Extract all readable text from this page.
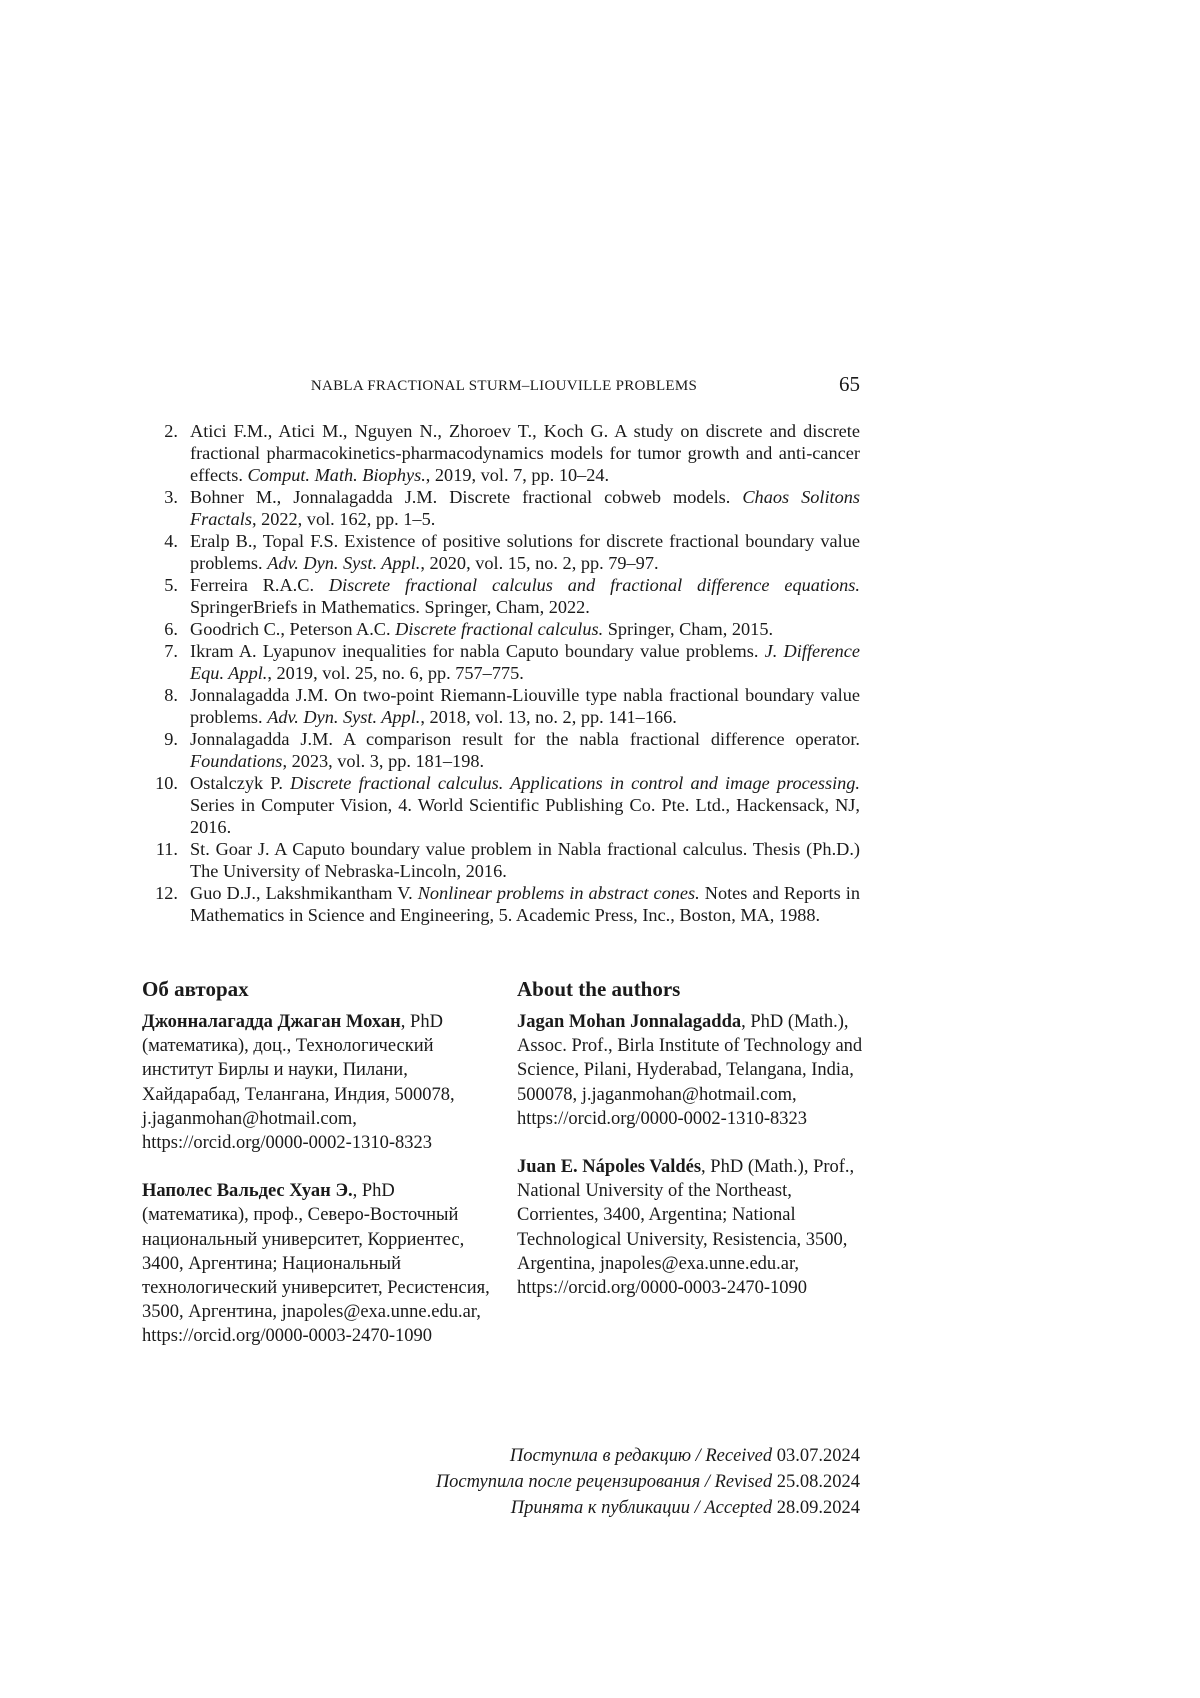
NABLA FRACTIONAL STURM–LIOUVILLE PROBLEMS	65
2. Atici F.M., Atici M., Nguyen N., Zhoroev T., Koch G. A study on discrete and discrete fractional pharmacokinetics-pharmacodynamics models for tumor growth and anti-cancer effects. Comput. Math. Biophys., 2019, vol. 7, pp. 10–24.
3. Bohner M., Jonnalagadda J.M. Discrete fractional cobweb models. Chaos Solitons Fractals, 2022, vol. 162, pp. 1–5.
4. Eralp B., Topal F.S. Existence of positive solutions for discrete fractional boundary value problems. Adv. Dyn. Syst. Appl., 2020, vol. 15, no. 2, pp. 79–97.
5. Ferreira R.A.C. Discrete fractional calculus and fractional difference equations. SpringerBriefs in Mathematics. Springer, Cham, 2022.
6. Goodrich C., Peterson A.C. Discrete fractional calculus. Springer, Cham, 2015.
7. Ikram A. Lyapunov inequalities for nabla Caputo boundary value problems. J. Difference Equ. Appl., 2019, vol. 25, no. 6, pp. 757–775.
8. Jonnalagadda J.M. On two-point Riemann-Liouville type nabla fractional boundary value problems. Adv. Dyn. Syst. Appl., 2018, vol. 13, no. 2, pp. 141–166.
9. Jonnalagadda J.M. A comparison result for the nabla fractional difference operator. Foundations, 2023, vol. 3, pp. 181–198.
10. Ostalczyk P. Discrete fractional calculus. Applications in control and image processing. Series in Computer Vision, 4. World Scientific Publishing Co. Pte. Ltd., Hackensack, NJ, 2016.
11. St. Goar J. A Caputo boundary value problem in Nabla fractional calculus. Thesis (Ph.D.) The University of Nebraska-Lincoln, 2016.
12. Guo D.J., Lakshmikantham V. Nonlinear problems in abstract cones. Notes and Reports in Mathematics in Science and Engineering, 5. Academic Press, Inc., Boston, MA, 1988.
Об авторах
Джонналагадда Джаган Мохан, PhD (математика), доц., Технологический институт Бирлы и науки, Пилани, Хайдарабад, Телангана, Индия, 500078, j.jaganmohan@hotmail.com, https://orcid.org/0000-0002-1310-8323
Наполес Вальдес Хуан Э., PhD (математика), проф., Северо-Восточный национальный университет, Корриентес, 3400, Аргентина; Национальный технологический университет, Ресистенсия, 3500, Аргентина, jnapoles@exa.unne.edu.ar, https://orcid.org/0000-0003-2470-1090
About the authors
Jagan Mohan Jonnalagadda, PhD (Math.), Assoc. Prof., Birla Institute of Technology and Science, Pilani, Hyderabad, Telangana, India, 500078, j.jaganmohan@hotmail.com, https://orcid.org/0000-0002-1310-8323
Juan E. Nápoles Valdés, PhD (Math.), Prof., National University of the Northeast, Corrientes, 3400, Argentina; National Technological University, Resistencia, 3500, Argentina, jnapoles@exa.unne.edu.ar, https://orcid.org/0000-0003-2470-1090
Поступила в редакцию / Received 03.07.2024
Поступила после рецензирования / Revised 25.08.2024
Принята к публикации / Accepted 28.09.2024
